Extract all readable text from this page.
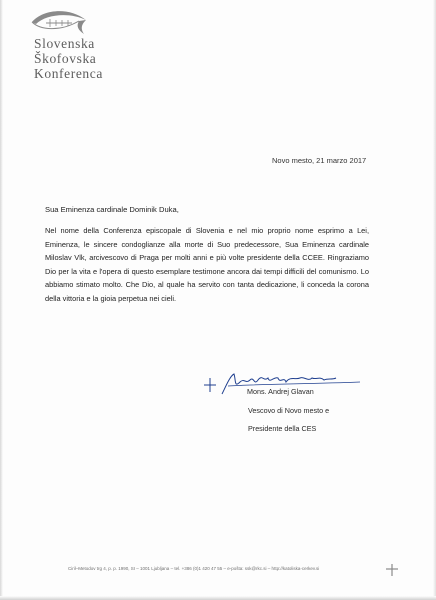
Slovenska
Škofovska
Konferenca
Novo mesto, 21 marzo 2017
Sua Eminenza cardinale Dominik Duka,

Nel nome della Conferenza episcopale di Slovenia e nel mio proprio nome esprimo a Lei, Eminenza, le sincere condoglianze alla morte di Suo predecessore, Sua Eminenza cardinale Miloslav Vlk, arcivescovo di Praga per molti anni e più volte presidente della CCEE. Ringraziamo Dio per la vita e l'opera di questo esemplare testimone ancora dai tempi difficili del comunismo. Lo abbiamo stimato molto. Che Dio, al quale ha servito con tanta dedicazione, li conceda la corona della vittoria e la gioia perpetua nei cieli.

Mons. Andrej Glavan
Vescovo di Novo mesto e
Presidente della CES
Ciril–Metodov trg 4, p. p. 1990, SI – 1001 Ljubljana – tel. +386 (0)1 420 47 55 – e-pošta: ssk@rkc.si – http://katoliska-cerkev.si
